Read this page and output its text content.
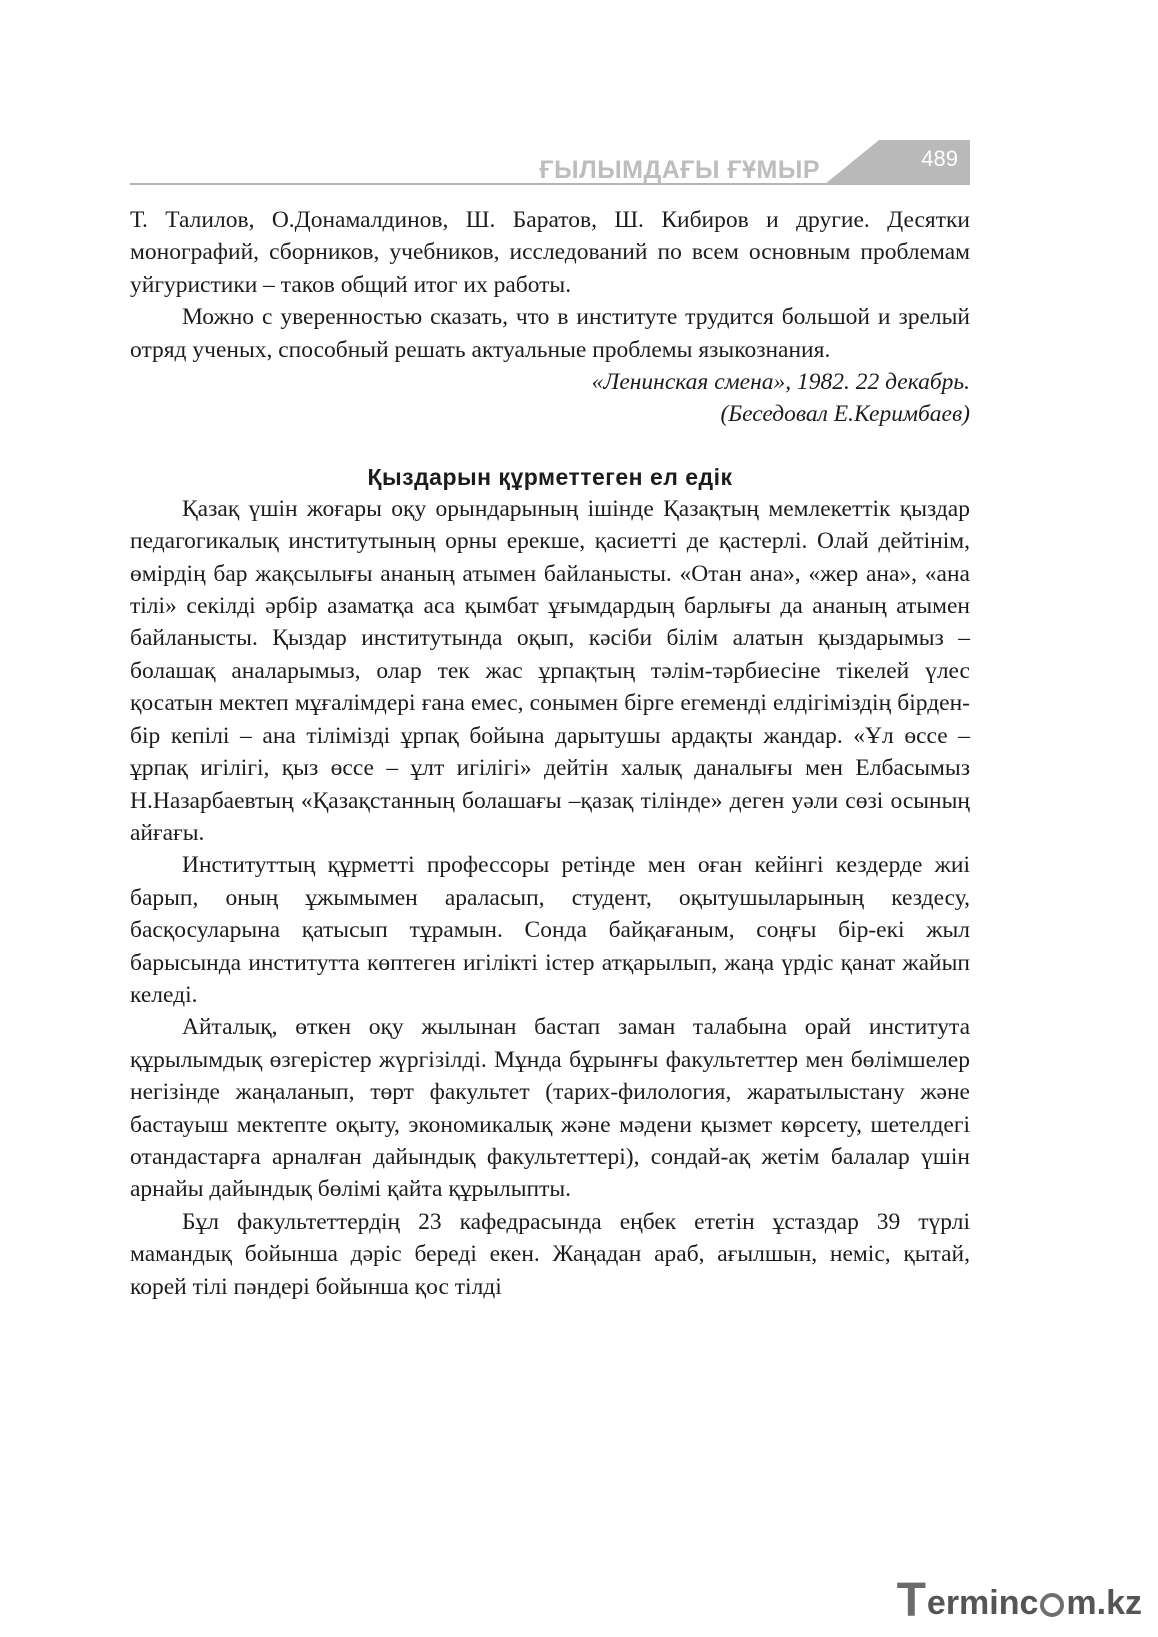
ҒЫЛЫМДАҒЫ ҒҰМЫР	489

Т. Талилов, О.Донамалдинов, Ш. Баратов, Ш. Кибиров и другие. Десятки монографий, сборников, учебников, исследований по всем основным проблемам уйгуристики – таков общий итог их работы.

Можно с уверенностью сказать, что в институте трудится большой и зрелый отряд ученых, способный решать актуальные проблемы языкознания.

«Ленинская смена», 1982. 22 декабрь.
(Беседовал Е.Керимбаев)
Қыздарын құрметтеген ел едік

Қазақ үшін жоғары оқу орындарының ішінде Қазақтың мемлекеттік қыздар педагогикалық институтының орны ерекше, қасиетті де қастерлі. Олай дейтінім, өмірдің бар жақсылығы ананың атымен байланысты. «Отан ана», «жер ана», «ана тілі» секілді әрбір азаматқа аса қымбат ұғымдардың барлығы да ананың атымен байланысты. Қыздар институтында оқып, кәсіби білім алатын қыздарымыз – болашақ аналарымыз, олар тек жас ұрпақтың тәлім-тәрбиесіне тікелей үлес қосатын мектеп мұғалімдері ғана емес, сонымен бірге егеменді елдігіміздің бірден-бір кепілі – ана тілімізді ұрпақ бойына дарытушы ардақты жандар. «Ұл өссе –ұрпақ игілігі, қыз өссе – ұлт игілігі» дейтін халық даналығы мен Елбасымыз Н.Назарбаевтың «Қазақстанның болашағы –қазақ тілінде» деген уәли сөзі осының айғағы.

Институттың құрметті профессоры ретінде мен оған кейінгі кездерде жиі барып, оның ұжымымен араласып, студент, оқытушыларының кездесу, басқосуларына қатысып тұрамын. Сонда байқағаным, соңғы бір-екі жыл барысында институтта көптеген игілікті істер атқарылып, жаңа үрдіс қанат жайып келеді.

Айталық, өткен оқу жылынан бастап заман талабына орай института құрылымдық өзгерістер жүргізілді. Мұнда бұрынғы факультеттер мен бөлімшелер негізінде жаңаланып, төрт факультет (тарих-филология, жаратылыстану және бастауыш мектепте оқыту, экономикалық және мәдени қызмет көрсету, шетелдегі отандастарға арналған дайындық факультеттері), сондай-ақ жетім балалар үшін арнайы дайындық бөлімі қайта құрылыпты.

Бұл факультеттердің 23 кафедрасында еңбек ететін ұстаздар 39 түрлі мамандық бойынша дәріс береді екен. Жаңадан араб, ағылшын, неміс, қытай, корей тілі пәндері бойынша қос тілді

T erminc m.kz
